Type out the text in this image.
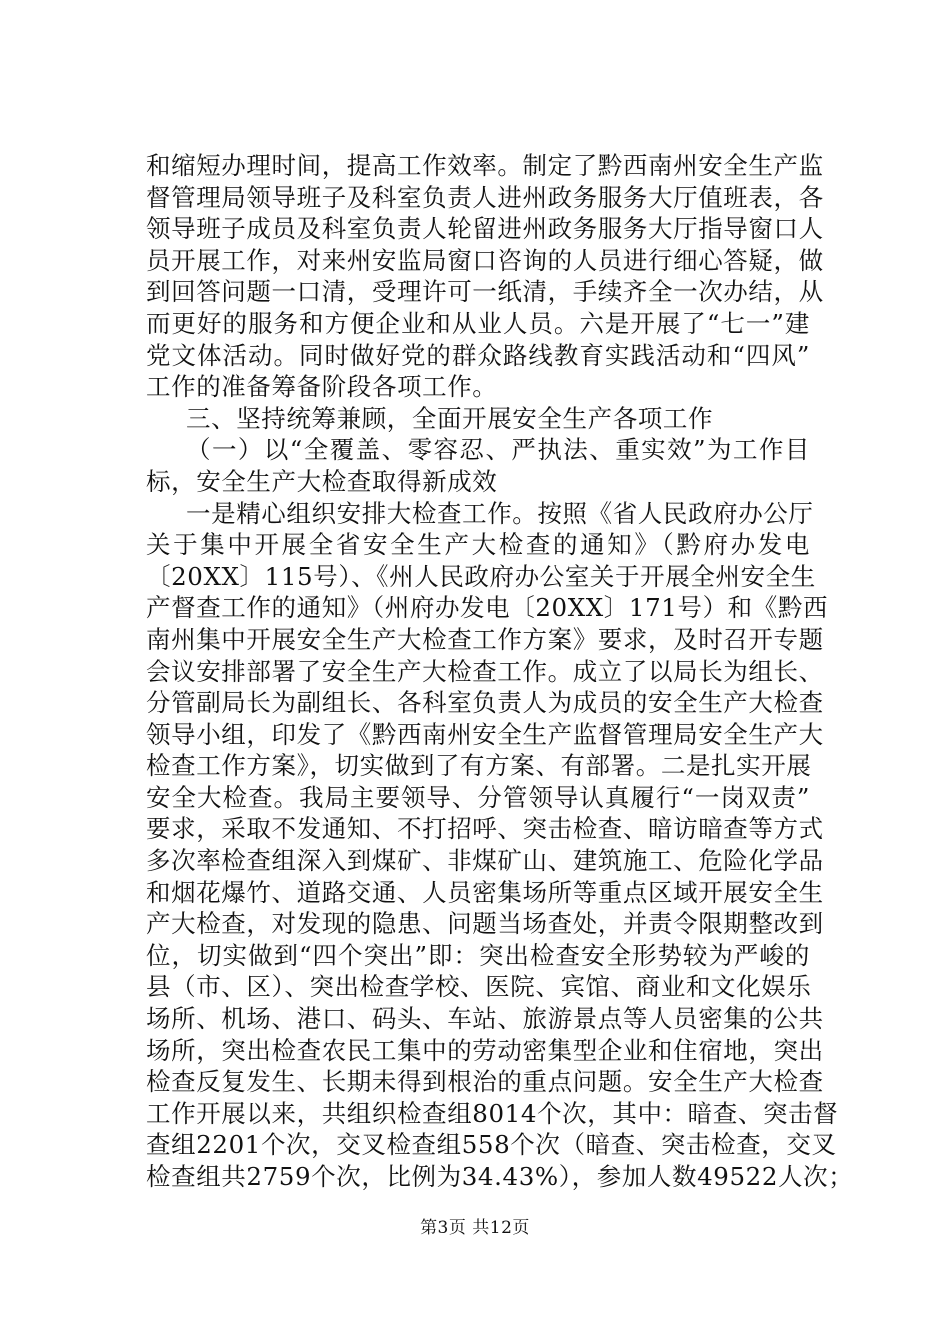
和缩短办理时间，提高工作效率。制定了黔西南州安全生产监
督管理局领导班子及科室负责人进州政务服务大厅值班表，各
领导班子成员及科室负责人轮留进州政务服务大厅指导窗口人
员开展工作，对来州安监局窗口咨询的人员进行细心答疑，做
到回答问题一口清，受理许可一纸清，手续齐全一次办结，从
而更好的服务和方便企业和从业人员。六是开展了“七一”建
党文体活动。同时做好党的群众路线教育实践活动和“四风”
工作的准备筹备阶段各项工作。
三、坚持统筹兼顾，全面开展安全生产各项工作
（一）以“全覆盖、零容忍、严执法、重实效”为工作目
标，安全生产大检查取得新成效
一是精心组织安排大检查工作。按照《省人民政府办公厅
关于集中开展全省安全生产大检查的通知》（黔府办发电
〔20XX〕115号）、《州人民政府办公室关于开展全州安全生
产督查工作的通知》（州府办发电〔20XX〕171号）和《黔西
南州集中开展安全生产大检查工作方案》要求，及时召开专题
会议安排部署了安全生产大检查工作。成立了以局长为组长、
分管副局长为副组长、各科室负责人为成员的安全生产大检查
领导小组，印发了《黔西南州安全生产监督管理局安全生产大
检查工作方案》，切实做到了有方案、有部署。二是扎实开展
安全大检查。我局主要领导、分管领导认真履行“一岗双责”
要求，采取不发通知、不打招呼、突击检查、暗访暗查等方式
多次率检查组深入到煤矿、非煤矿山、建筑施工、危险化学品
和烟花爆竹、道路交通、人员密集场所等重点区域开展安全生
产大检查，对发现的隐患、问题当场查处，并责令限期整改到
位，切实做到“四个突出”即：突出检查安全形势较为严峻的
县（市、区）、突出检查学校、医院、宾馆、商业和文化娱乐
场所、机场、港口、码头、车站、旅游景点等人员密集的公共
场所，突出检查农民工集中的劳动密集型企业和住宿地，突出
检查反复发生、长期未得到根治的重点问题。安全生产大检查
工作开展以来，共组织检查组8014个次，其中：暗查、突击督
查组2201个次，交叉检查组558个次（暗查、突击检查，交叉
检查组共2759个次，比例为34.43%），参加人数49522人次；
第3页 共12页
